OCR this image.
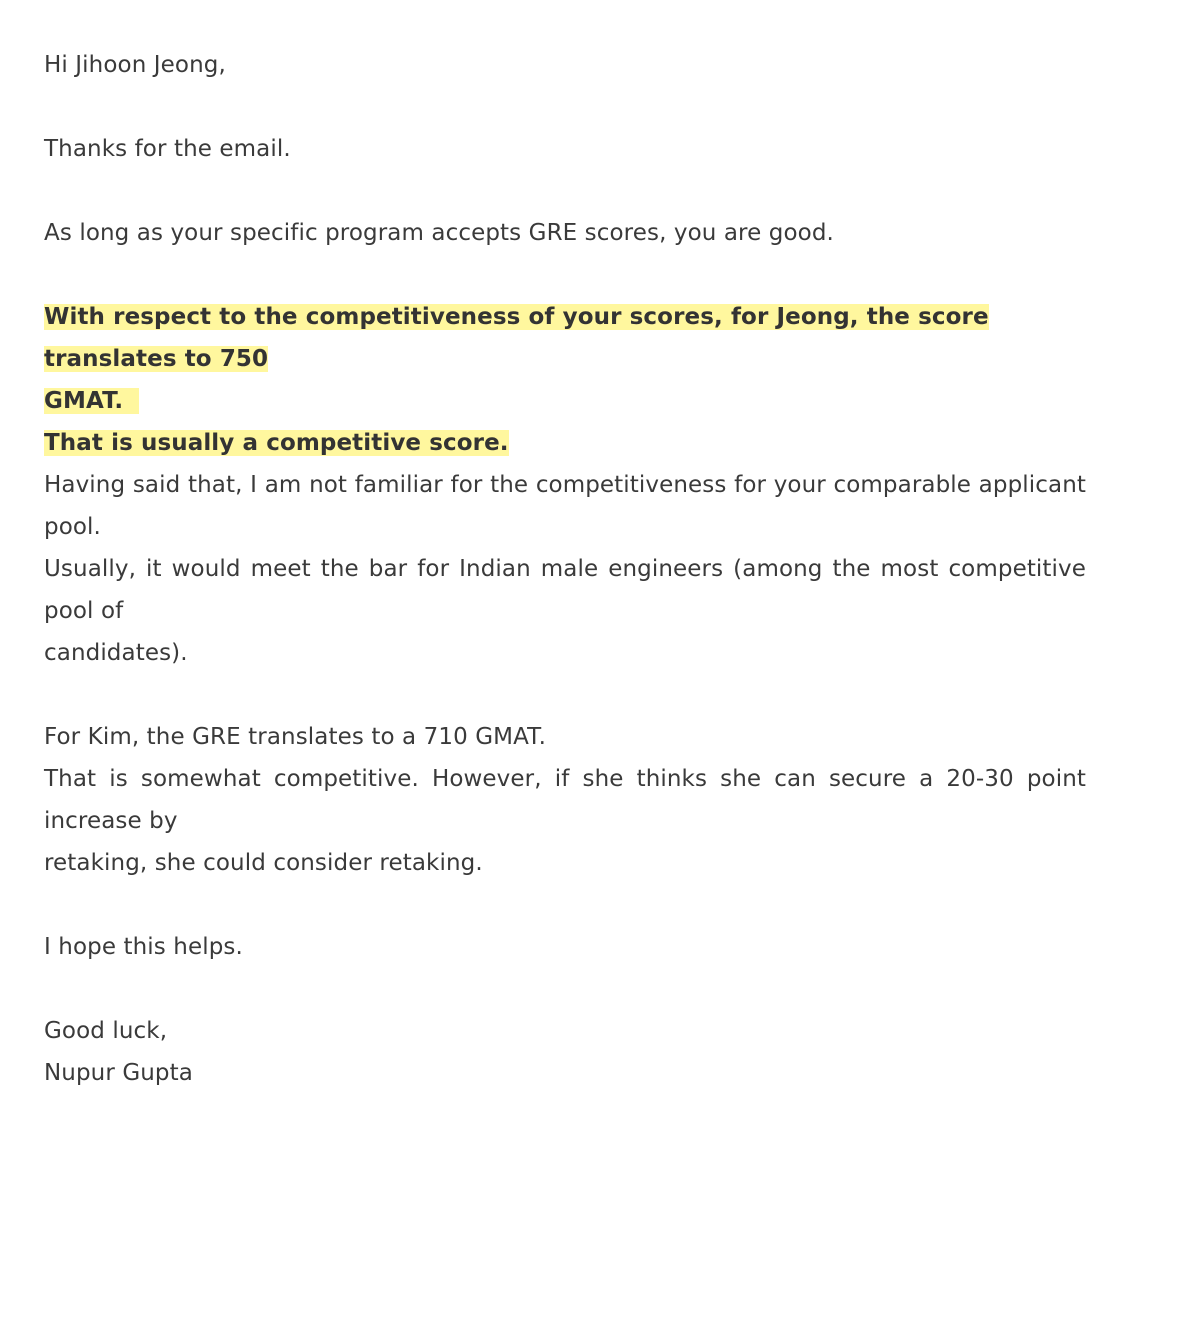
Hi Jihoon Jeong,
Thanks for the email.
As long as your specific program accepts GRE scores, you are good.
With respect to the competitiveness of your scores, for Jeong, the score translates to 750
GMAT.
That is usually a competitive score.
Having said that, I am not familiar for the competitiveness for your comparable applicant pool.
Usually, it would meet the bar for Indian male engineers (among the most competitive pool of
candidates).
For Kim, the GRE translates to a 710 GMAT.
That is somewhat competitive. However, if she thinks she can secure a 20-30 point increase by
retaking, she could consider retaking.
I hope this helps.
Good luck,
Nupur Gupta
